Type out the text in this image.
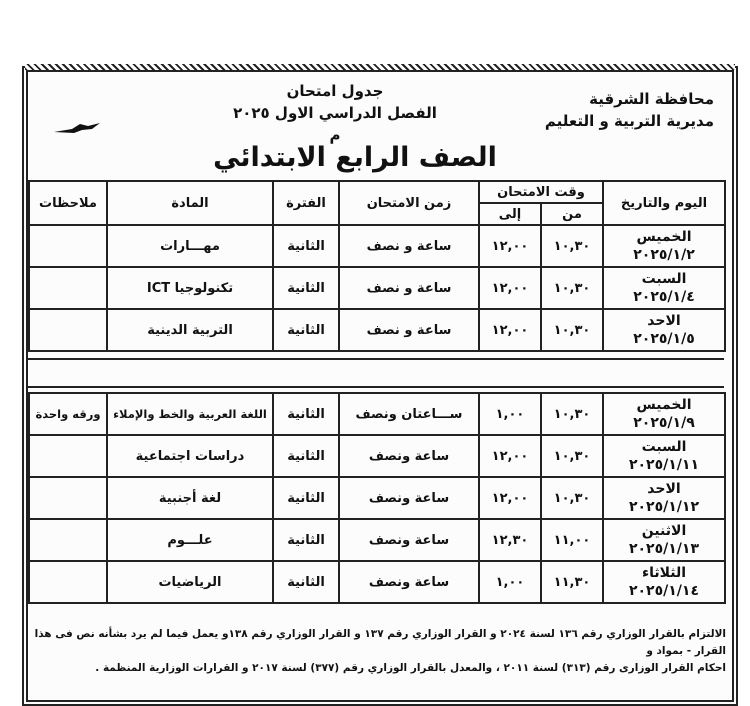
محافظة الشرقية
مديرية التربية و التعليم
جدول امتحان
الفصل الدراسي الاول ٢٠٢٥ م
الصف الرابع الابتدائي
اليوم والتاريخ	وقت الامتحان		زمن الامتحان	الفترة	المادة	ملاحظات
	من	إلى				

الخميس
٢٠٢٥/١/٢	١٠,٣٠	١٢,٠٠	ساعة و نصف	الثانية	مهـــارات	

السبت
٢٠٢٥/١/٤	١٠,٣٠	١٢,٠٠	ساعة و نصف	الثانية	تكنولوجيا ICT	

الاحد
٢٠٢٥/١/٥	١٠,٣٠	١٢,٠٠	ساعة و نصف	الثانية	التربية الدينية	
الخميس
٢٠٢٥/١/٩	١٠,٣٠	١,٠٠	ســـاعتان ونصف	الثانية	اللغة العربية والخط والإملاء	ورقه واحدة

السبت
٢٠٢٥/١/١١	١٠,٣٠	١٢,٠٠	ساعة ونصف	الثانية	دراسات اجتماعية	

الاحد
٢٠٢٥/١/١٢	١٠,٣٠	١٢,٠٠	ساعة ونصف	الثانية	لغة أجنبية	

الاثنين
٢٠٢٥/١/١٣	١١,٠٠	١٢,٣٠	ساعة ونصف	الثانية	علـــوم	

الثلاثاء
٢٠٢٥/١/١٤	١١,٣٠	١,٠٠	ساعة ونصف	الثانية	الرياضيات	
الالتزام بالقرار الوزاري رقم ١٣٦ لسنة ٢٠٢٤ و القرار الوزاري رقم ١٣٧ و القرار الوزاري رقم ١٣٨و يعمل فيما لم يرد بشأنه نص فى هذا القرار - بمواد و
احكام القرار الوزارى رقم (٣١٣) لسنة ٢٠١١ ، والمعدل بالقرار الوزاري رقم (٣٧٧) لسنة ٢٠١٧ و القرارات الوزارية المنظمة .
